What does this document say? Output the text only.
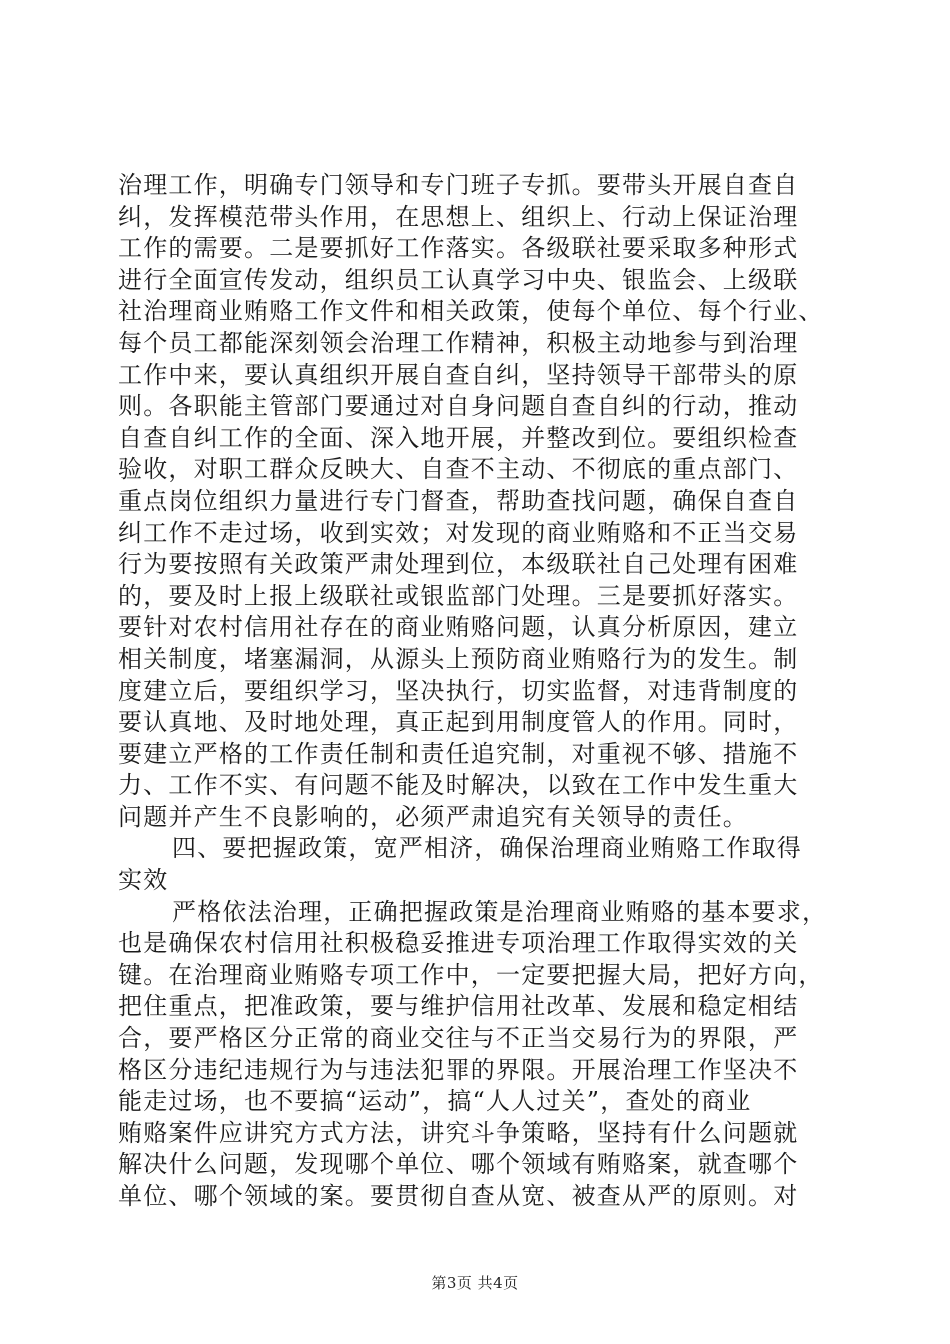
治理工作，明确专门领导和专门班子专抓。要带头开展自查自
纠，发挥模范带头作用，在思想上、组织上、行动上保证治理
工作的需要。二是要抓好工作落实。各级联社要采取多种形式
进行全面宣传发动，组织员工认真学习中央、银监会、上级联
社治理商业贿赂工作文件和相关政策，使每个单位、每个行业、
每个员工都能深刻领会治理工作精神，积极主动地参与到治理
工作中来，要认真组织开展自查自纠，坚持领导干部带头的原
则。各职能主管部门要通过对自身问题自查自纠的行动，推动
自查自纠工作的全面、深入地开展，并整改到位。要组织检查
验收，对职工群众反映大、自查不主动、不彻底的重点部门、
重点岗位组织力量进行专门督查，帮助查找问题，确保自查自
纠工作不走过场，收到实效；对发现的商业贿赂和不正当交易
行为要按照有关政策严肃处理到位，本级联社自己处理有困难
的，要及时上报上级联社或银监部门处理。三是要抓好落实。
要针对农村信用社存在的商业贿赂问题，认真分析原因，建立
相关制度，堵塞漏洞，从源头上预防商业贿赂行为的发生。制
度建立后，要组织学习，坚决执行，切实监督，对违背制度的
要认真地、及时地处理，真正起到用制度管人的作用。同时，
要建立严格的工作责任制和责任追究制，对重视不够、措施不
力、工作不实、有问题不能及时解决，以致在工作中发生重大
问题并产生不良影响的，必须严肃追究有关领导的责任。
四、要把握政策，宽严相济，确保治理商业贿赂工作取得
实效
严格依法治理，正确把握政策是治理商业贿赂的基本要求，
也是确保农村信用社积极稳妥推进专项治理工作取得实效的关
键。在治理商业贿赂专项工作中，一定要把握大局，把好方向，
把住重点，把准政策，要与维护信用社改革、发展和稳定相结
合，要严格区分正常的商业交往与不正当交易行为的界限，严
格区分违纪违规行为与违法犯罪的界限。开展治理工作坚决不
能走过场，也不要搞“运动”，搞“人人过关”，查处的商业
贿赂案件应讲究方式方法，讲究斗争策略，坚持有什么问题就
解决什么问题，发现哪个单位、哪个领域有贿赂案，就查哪个
单位、哪个领域的案。要贯彻自查从宽、被查从严的原则。对
第3页 共4页
